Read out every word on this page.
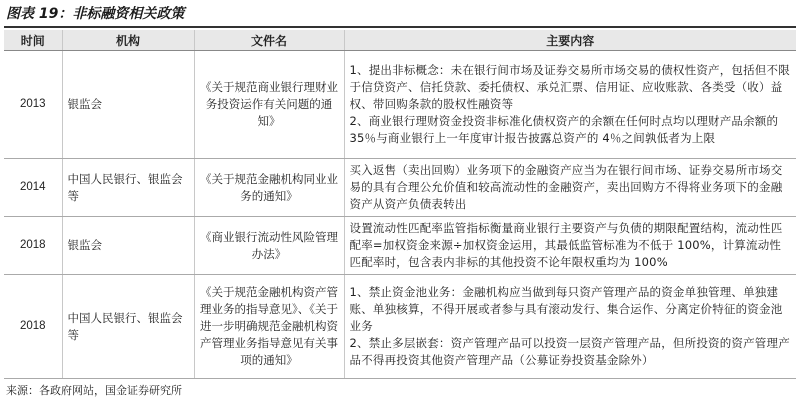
图表 19：非标融资相关政策
时间	机构	文件名	主要内容
2013	银监会	《关于规范商业银行理财业务投资运作有关问题的通知》	1、提出非标概念：未在银行间市场及证券交易所市场交易的债权性资产，包括但不限于信贷资产、信托贷款、委托债权、承兑汇票、信用证、应收账款、各类受（收）益权、带回购条款的股权性融资等
2、商业银行理财资金投资非标准化债权资产的余额在任何时点均以理财产品余额的 35％与商业银行上一年度审计报告披露总资产的 4％之间孰低者为上限

2014	中国人民银行、银监会等	《关于规范金融机构同业业务的通知》	买入返售（卖出回购）业务项下的金融资产应当为在银行间市场、证券交易所市场交易的具有合理公允价值和较高流动性的金融资产，卖出回购方不得将业务项下的金融资产从资产负债表转出

2018	银监会	《商业银行流动性风险管理办法》	设置流动性匹配率监管指标衡量商业银行主要资产与负债的期限配置结构，流动性匹配率=加权资金来源÷加权资金运用，其最低监管标准为不低于 100%，计算流动性匹配率时，包含表内非标的其他投资不论年限权重均为 100%

2018	中国人民银行、银监会等	《关于规范金融机构资产管理业务的指导意见》、《关于进一步明确规范金融机构资产管理业务指导意见有关事项的通知》	1、禁止资金池业务：金融机构应当做到每只资产管理产品的资金单独管理、单独建账、单独核算，不得开展或者参与具有滚动发行、集合运作、分离定价特征的资金池业务
2、禁止多层嵌套：资产管理产品可以投资一层资产管理产品，但所投资的资产管理产品不得再投资其他资产管理产品（公募证券投资基金除外）
来源：各政府网站，国金证券研究所
